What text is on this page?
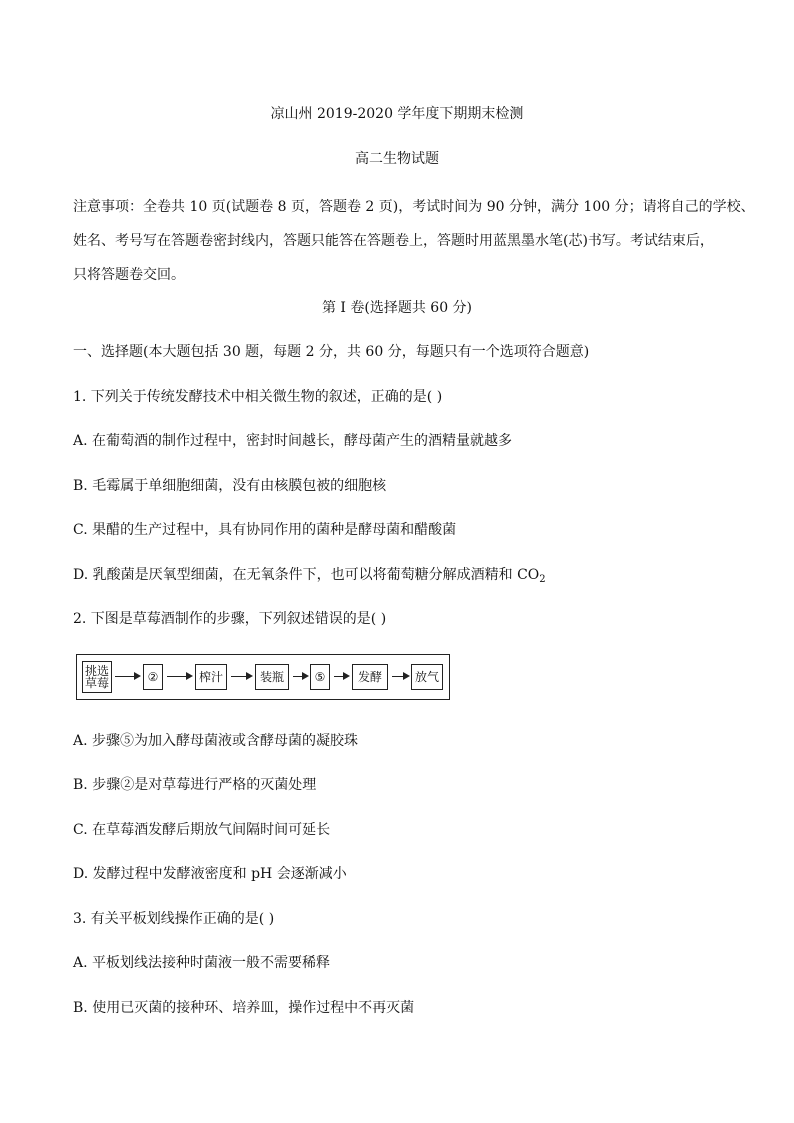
凉山州 2019-2020 学年度下期期末检测
高二生物试题
注意事项：全卷共 10 页(试题卷 8 页，答题卷 2 页)，考试时间为 90 分钟，满分 100 分；请将自己的学校、
姓名、考号写在答题卷密封线内，答题只能答在答题卷上，答题时用蓝黑墨水笔(芯)书写。考试结束后，
只将答题卷交回。
第 I 卷(选择题共 60 分)
一、选择题(本大题包括 30 题，每题 2 分，共 60 分，每题只有一个选项符合题意)
1. 下列关于传统发酵技术中相关微生物的叙述，正确的是( )
A. 在葡萄酒的制作过程中，密封时间越长，酵母菌产生的酒精量就越多
B. 毛霉属于单细胞细菌，没有由核膜包被的细胞核
C. 果醋的生产过程中，具有协同作用的菌种是酵母菌和醋酸菌
D. 乳酸菌是厌氧型细菌，在无氧条件下，也可以将葡萄糖分解成酒精和 $CO_2$
2. 下图是草莓酒制作的步骤，下列叙述错误的是( )
挑选草莓	②	榨汁	装瓶	⑤	发酵	放气
A. 步骤⑤为加入酵母菌液或含酵母菌的凝胶珠
B. 步骤②是对草莓进行严格的灭菌处理
C. 在草莓酒发酵后期放气间隔时间可延长
D. 发酵过程中发酵液密度和 pH 会逐渐减小
3. 有关平板划线操作正确的是( )
A. 平板划线法接种时菌液一般不需要稀释
B. 使用已灭菌的接种环、培养皿，操作过程中不再灭菌
